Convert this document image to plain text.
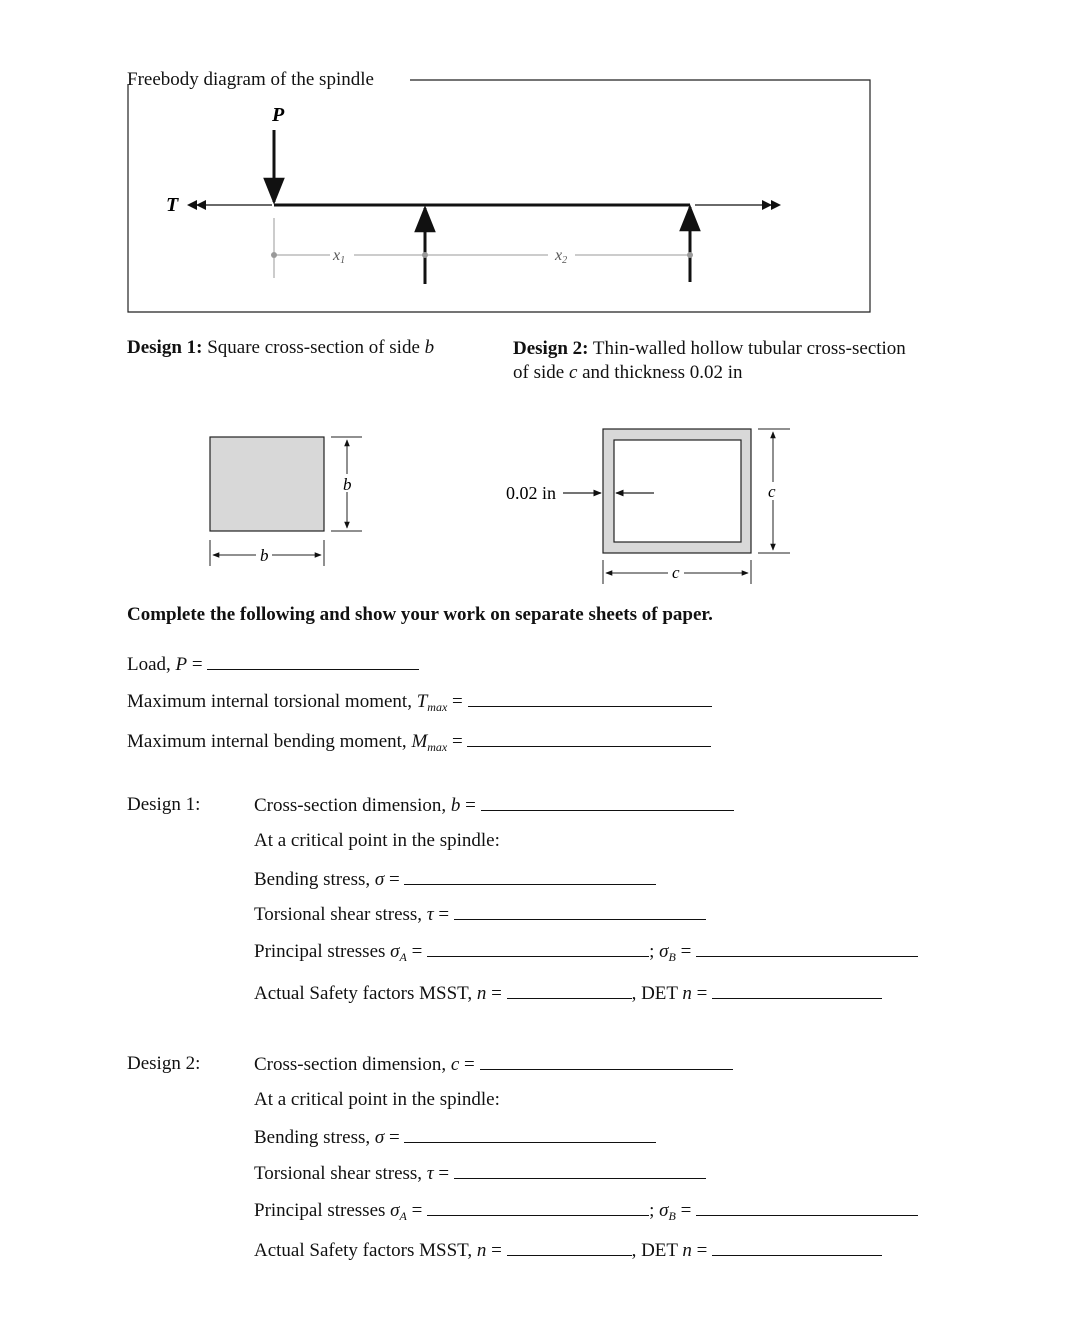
P
T
x1	x2
b
b
c
c
0.02 in
Freebody diagram of the spindle
Design 1: Square cross-section of side b	Design 2: Thin-walled hollow tubular cross-section
of side c and thickness 0.02 in
Complete the following and show your work on separate sheets of paper.
Load, P =
Maximum internal torsional moment, $T_{max}$ =
Maximum internal bending moment, $M_{max}$ =
Design 1:	Cross-section dimension, b =
At a critical point in the spindle:
Bending stress, σ =
Torsional shear stress, τ =
Principal stresses $\sigma_A$ =	; $\sigma_B$ =
Actual Safety factors MSST, n =	, DET n =
Design 2:	Cross-section dimension, c =
At a critical point in the spindle:
Bending stress, σ =
Torsional shear stress, τ =
Principal stresses $\sigma_A$ =	; $\sigma_B$ =
Actual Safety factors MSST, n =	, DET n =
